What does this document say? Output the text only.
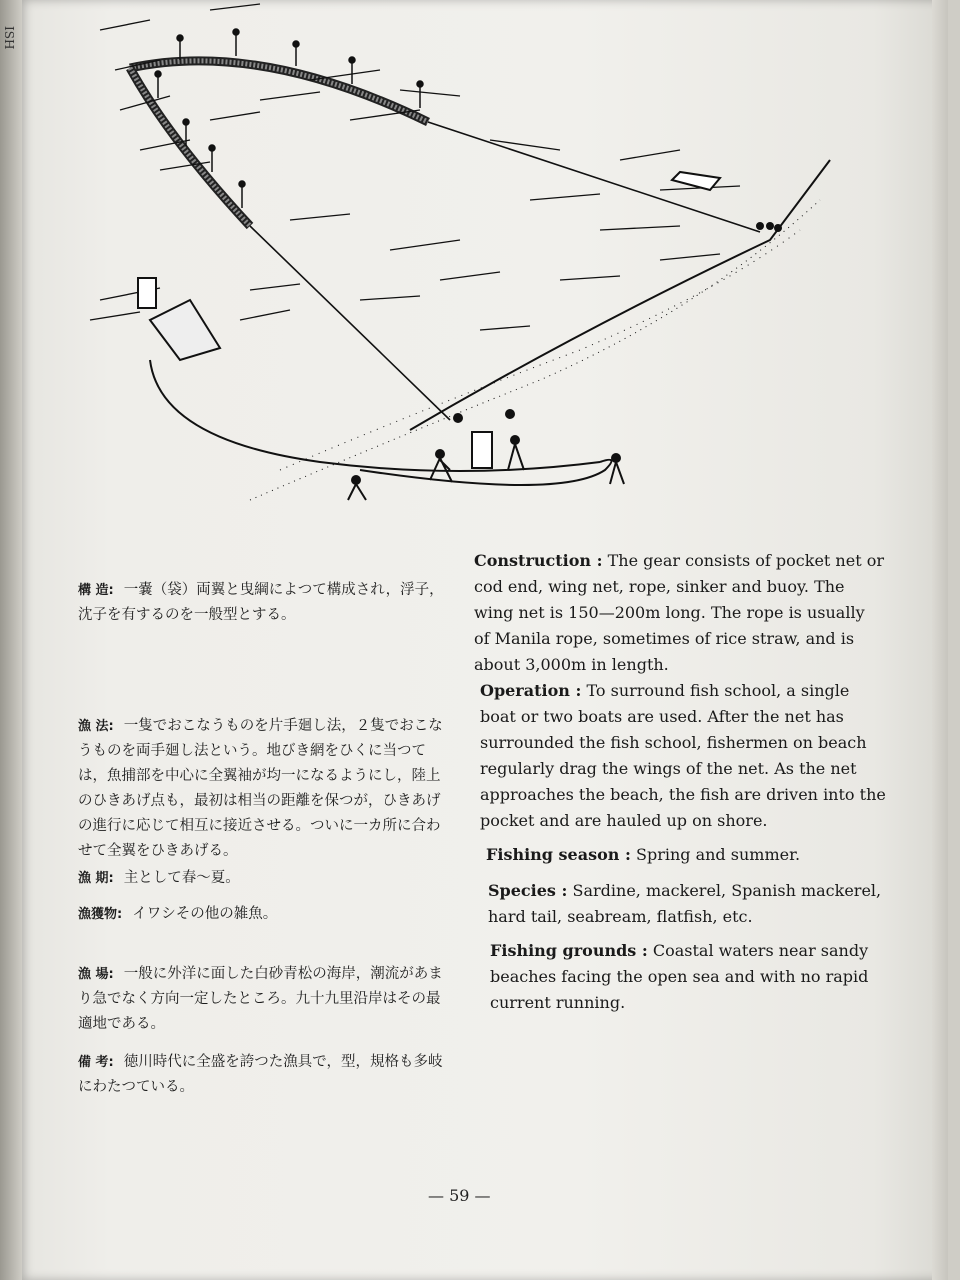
ISH
構 造: 一嚢（袋）両翼と曳綱によつて構成され，浮子，沈子を有するのを一般型とする。
漁 法: 一隻でおこなうものを片手廻し法，２隻でおこなうものを両手廻し法という。地びき網をひくに当つては，魚捕部を中心に全翼袖が均一になるようにし，陸上のひきあげ点も，最初は相当の距離を保つが，ひきあげの進行に応じて相互に接近させる。ついに一カ所に合わせて全翼をひきあげる。
漁 期: 主として春〜夏。
漁獲物: イワシその他の雑魚。
漁 場: 一般に外洋に面した白砂青松の海岸，潮流があまり急でなく方向一定したところ。九十九里沿岸はその最適地である。
備 考: 徳川時代に全盛を誇つた漁具で，型，規格も多岐にわたつている。

Construction : The gear consists of pocket net or cod end, wing net, rope, sinker and buoy. The wing net is 150—200m long. The rope is usually of Manila rope, sometimes of rice straw, and is about 3,000m in length.

Operation : To surround fish school, a single boat or two boats are used. After the net has surrounded the fish school, fishermen on beach regularly drag the wings of the net. As the net approaches the beach, the fish are driven into the pocket and are hauled up on shore.

Fishing season : Spring and summer.

Species : Sardine, mackerel, Spanish mackerel, hard tail, seabream, flatfish, etc.

Fishing grounds : Coastal waters near sandy beaches facing the open sea and with no rapid current running.

— 59 —
